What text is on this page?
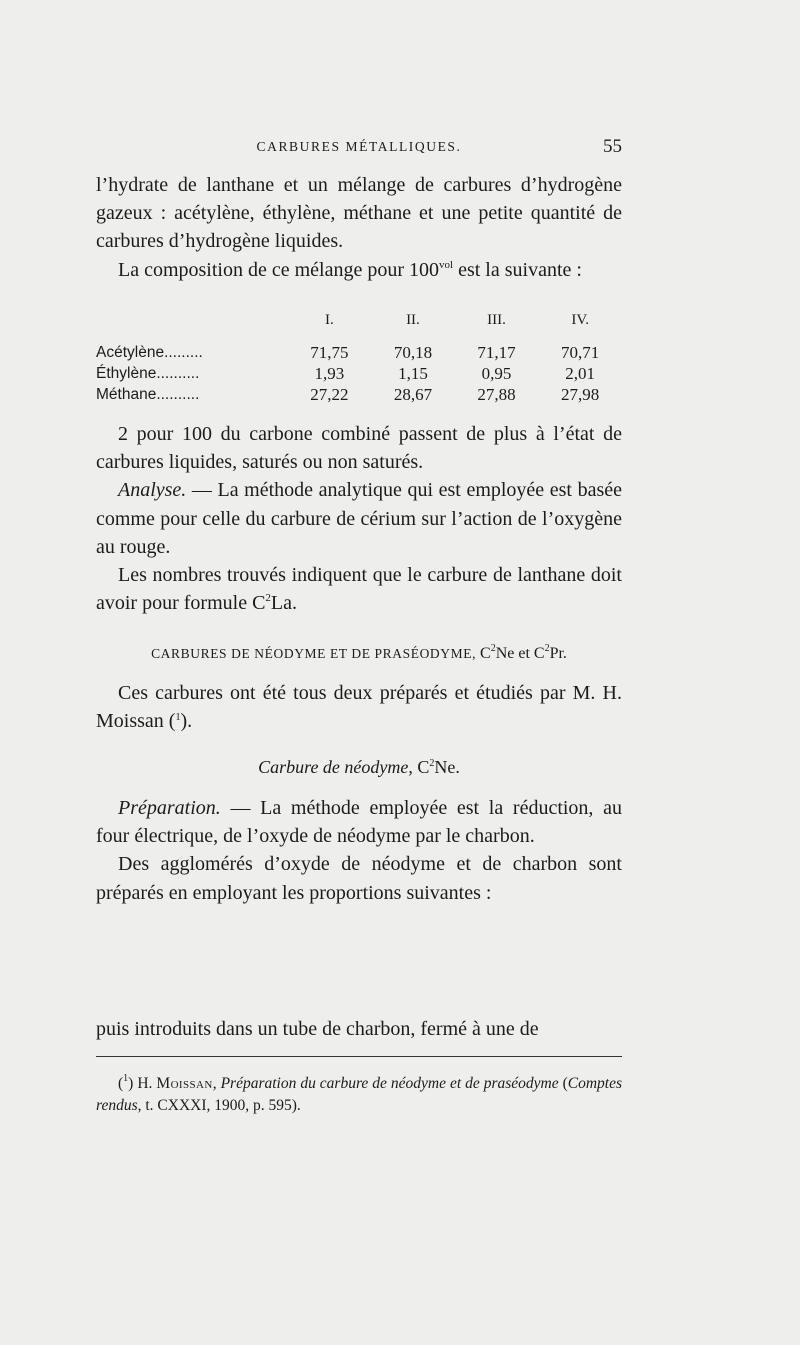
CARBURES MÉTALLIQUES.	55

l’hydrate de lanthane et un mélange de carbures d’hydrogène gazeux : acétylène, éthylène, méthane et une petite quantité de carbures d’hydrogène liquides.

La composition de ce mélange pour $100^{vol}$ est la suivante :

	I.	II.	III.	IV.
Acétylène.........	71,75	70,18	71,17	70,71
Éthylène..........	1,93	1,15	0,95	2,01
Méthane..........	27,22	28,67	27,88	27,98

2 pour 100 du carbone combiné passent de plus à l’état de carbures liquides, saturés ou non saturés.

Analyse. — La méthode analytique qui est employée est basée comme pour celle du carbure de cérium sur l’action de l’oxygène au rouge.

Les nombres trouvés indiquent que le carbure de lanthane doit avoir pour formule $C^2La$.

CARBURES DE NÉODYME ET DE PRASÉODYME, $C^2Ne$ et $C^2Pr$.

Ces carbures ont été tous deux préparés et étudiés par M. H. Moissan ($^1$).

Carbure de néodyme, $C^2Ne$.

Préparation. — La méthode employée est la réduction, au four électrique, de l’oxyde de néodyme par le charbon.

Des agglomérés d’oxyde de néodyme et de charbon sont préparés en employant les proportions suivantes :

puis introduits dans un tube de charbon, fermé à une de

($^1$) H. Moissan, Préparation du carbure de néodyme et de praséodyme (Comptes rendus, t. CXXXI, 1900, p. 595).
